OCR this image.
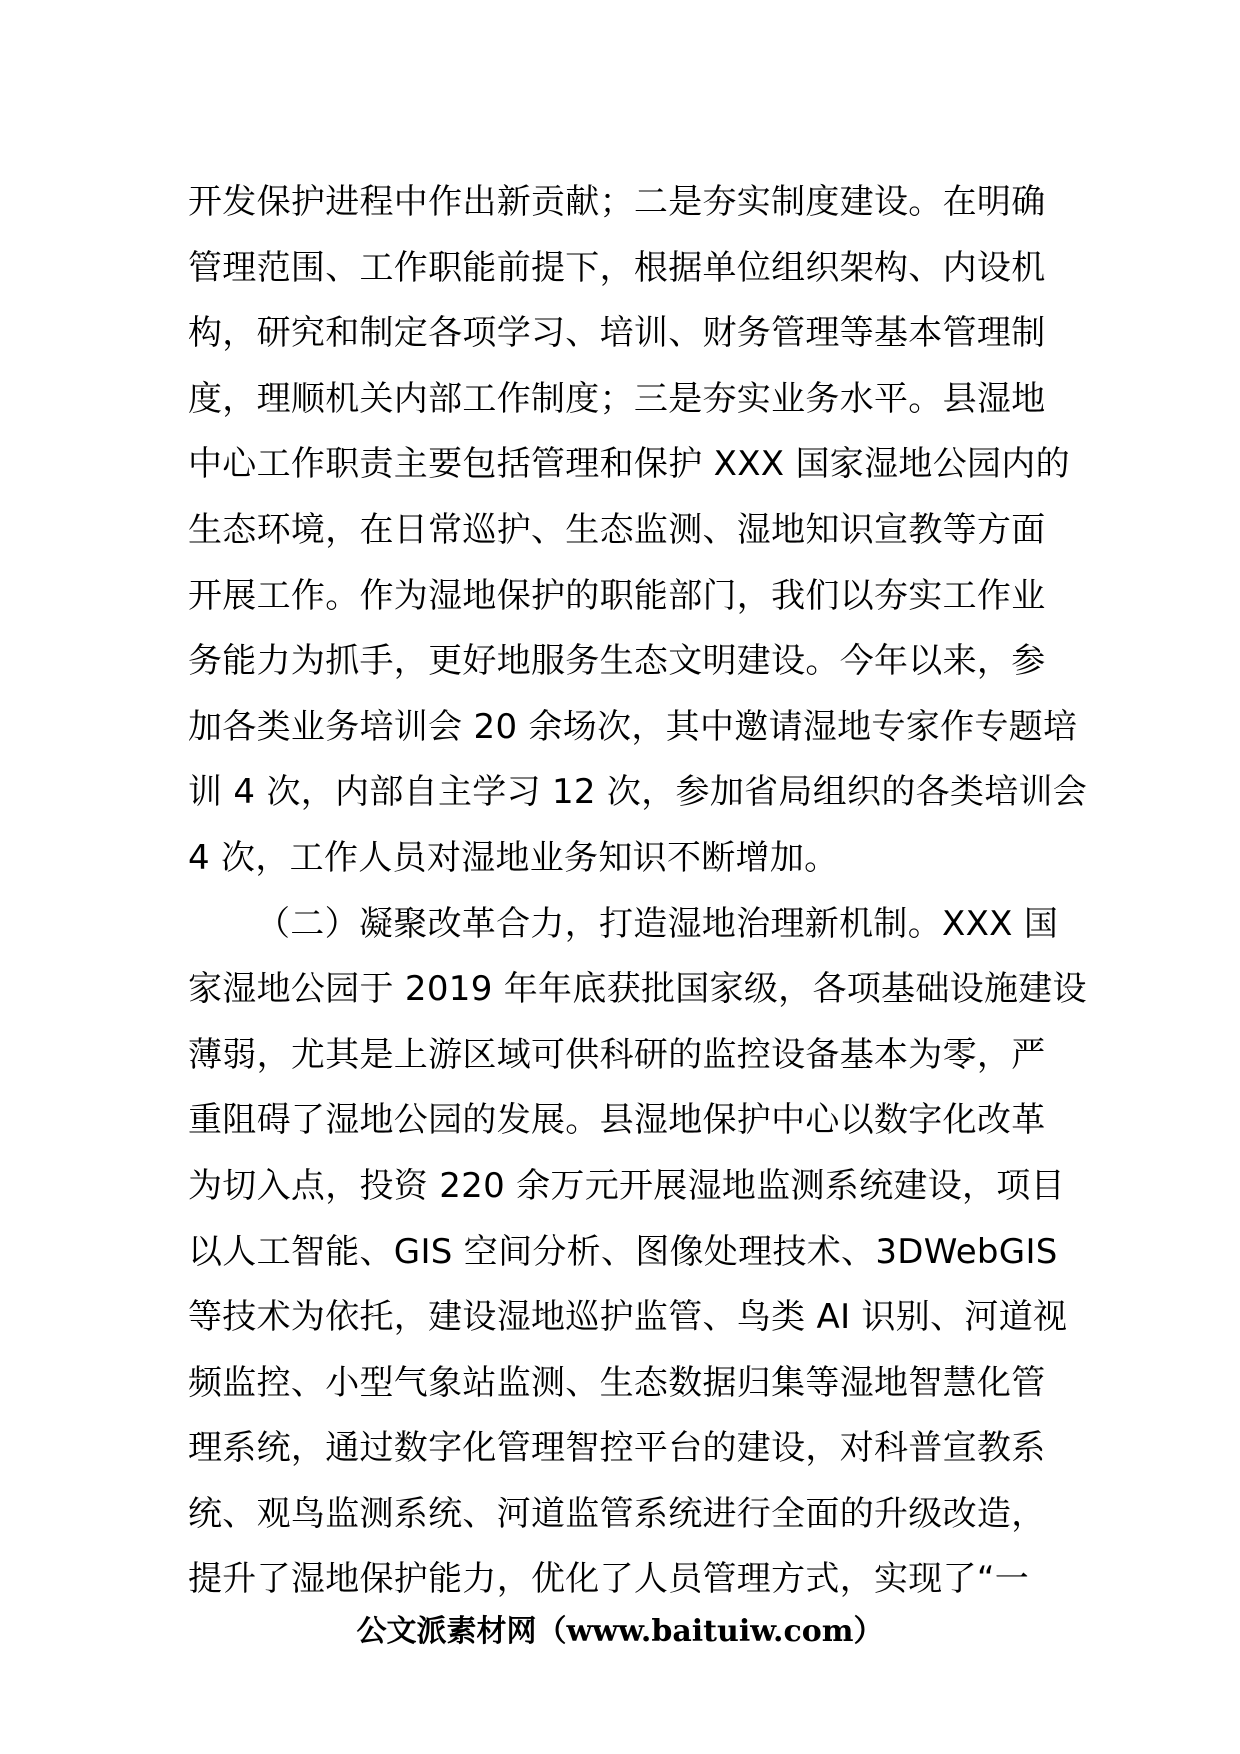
开发保护进程中作出新贡献；二是夯实制度建设。在明确
管理范围、工作职能前提下，根据单位组织架构、内设机
构，研究和制定各项学习、培训、财务管理等基本管理制
度，理顺机关内部工作制度；三是夯实业务水平。县湿地
中心工作职责主要包括管理和保护 XXX 国家湿地公园内的
生态环境，在日常巡护、生态监测、湿地知识宣教等方面
开展工作。作为湿地保护的职能部门，我们以夯实工作业
务能力为抓手，更好地服务生态文明建设。今年以来，参
加各类业务培训会 20 余场次，其中邀请湿地专家作专题培
训 4 次，内部自主学习 12 次，参加省局组织的各类培训会
4 次，工作人员对湿地业务知识不断增加。
（二）凝聚改革合力，打造湿地治理新机制。XXX 国
家湿地公园于 2019 年年底获批国家级，各项基础设施建设
薄弱，尤其是上游区域可供科研的监控设备基本为零，严
重阻碍了湿地公园的发展。县湿地保护中心以数字化改革
为切入点，投资 220 余万元开展湿地监测系统建设，项目
以人工智能、GIS 空间分析、图像处理技术、3DWebGIS
等技术为依托，建设湿地巡护监管、鸟类 AI 识别、河道视
频监控、小型气象站监测、生态数据归集等湿地智慧化管
理系统，通过数字化管理智控平台的建设，对科普宣教系
统、观鸟监测系统、河道监管系统进行全面的升级改造，
提升了湿地保护能力，优化了人员管理方式，实现了“一
公文派素材网（www.baituiw.com）
